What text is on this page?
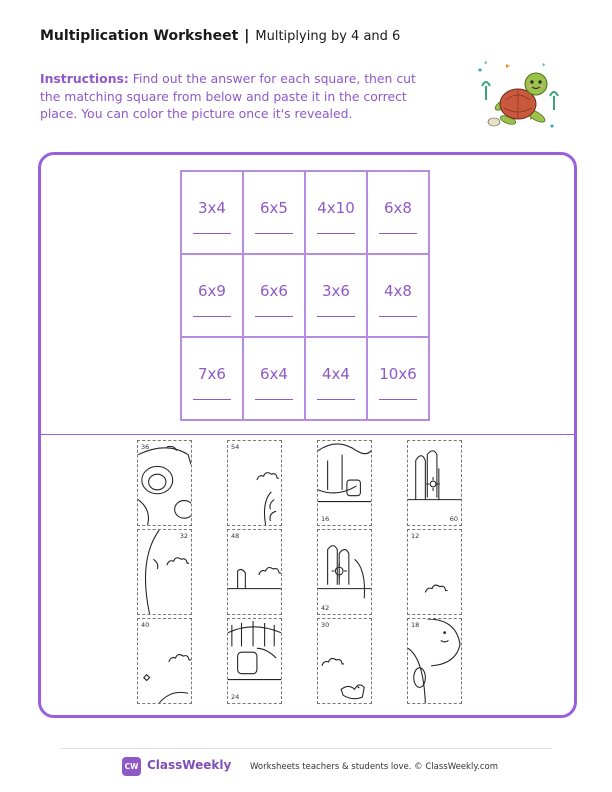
Multiplication Worksheet | Multiplying by 4 and 6

Instructions: Find out the answer for each square, then cut the matching square from below and paste it in the correct place. You can color the picture once it's revealed.

*	*
3x4 6x5 4x10 6x8
6x9 6x6 3x6 4x8
7x6 6x4 4x4 10x6
36	54
16	60
32	48
42
12
40
24
30	18
CW ClassWeekly Worksheets teachers & students love. © ClassWeekly.com
